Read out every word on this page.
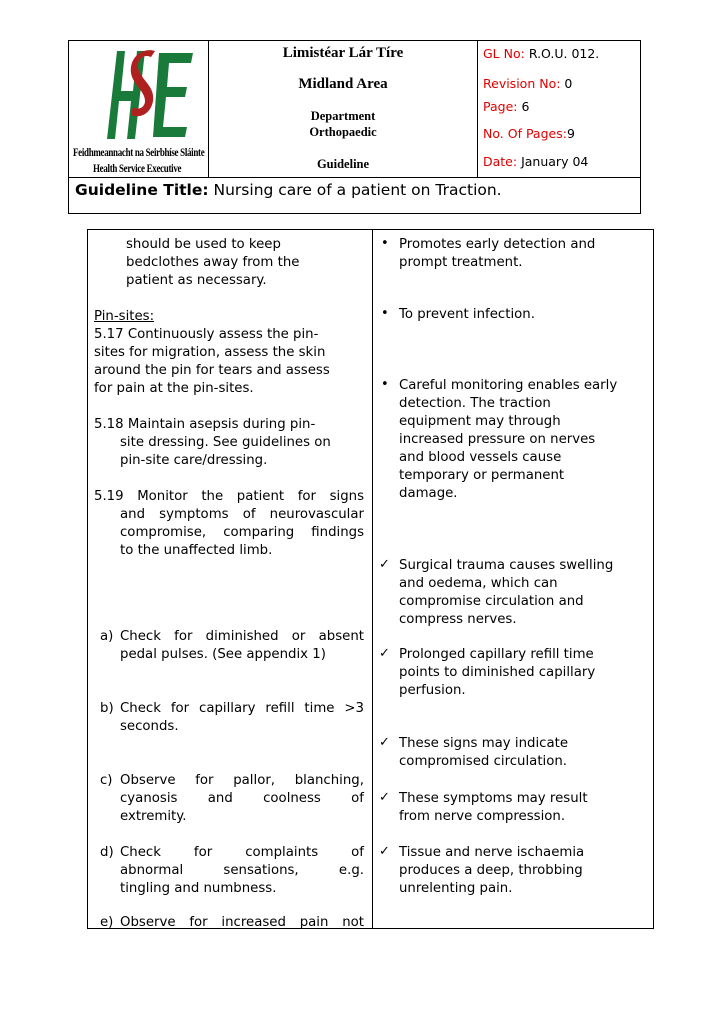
Feidhmeannacht na Seirbhíse Sláinte
Health Service Executive
Limistéar Lár Tíre
Midland Area
Department
Orthopaedic
Guideline
GL No: R.O.U. 012.
Revision No: 0
Page: 6
No. Of Pages:9
Date: January 04
Guideline Title: Nursing care of a patient on Traction.
should be used to keep
bedclothes away from the
patient as necessary.
Pin-sites:
5.17 Continuously assess the pin-
sites for migration, assess the skin
around the pin for tears and assess
for pain at the pin-sites.
5.18 Maintain asepsis during pin-
site dressing. See guidelines on
pin-site care/dressing.
5.19 Monitor the patient for signs
and symptoms of neurovascular
compromise, comparing findings
to the unaffected limb.
a) Check for diminished or absent
pedal pulses. (See appendix 1)
b) Check for capillary refill time >3
seconds.
c) Observe for pallor, blanching,
cyanosis and coolness of
extremity.
d) Check for complaints of
abnormal	sensations,	e.g.
tingling and numbness.
e) Observe for increased pain not
• Promotes early detection and
prompt treatment.
• To prevent infection.
• Careful monitoring enables early
detection. The traction
equipment may through
increased pressure on nerves
and blood vessels cause
temporary or permanent
damage.
✓ Surgical trauma causes swelling
and oedema, which can
compromise circulation and
compress nerves.
✓ Prolonged capillary refill time
points to diminished capillary
perfusion.
✓ These signs may indicate
compromised circulation.
✓ These symptoms may result
from nerve compression.
✓ Tissue and nerve ischaemia
produces a deep, throbbing
unrelenting pain.
